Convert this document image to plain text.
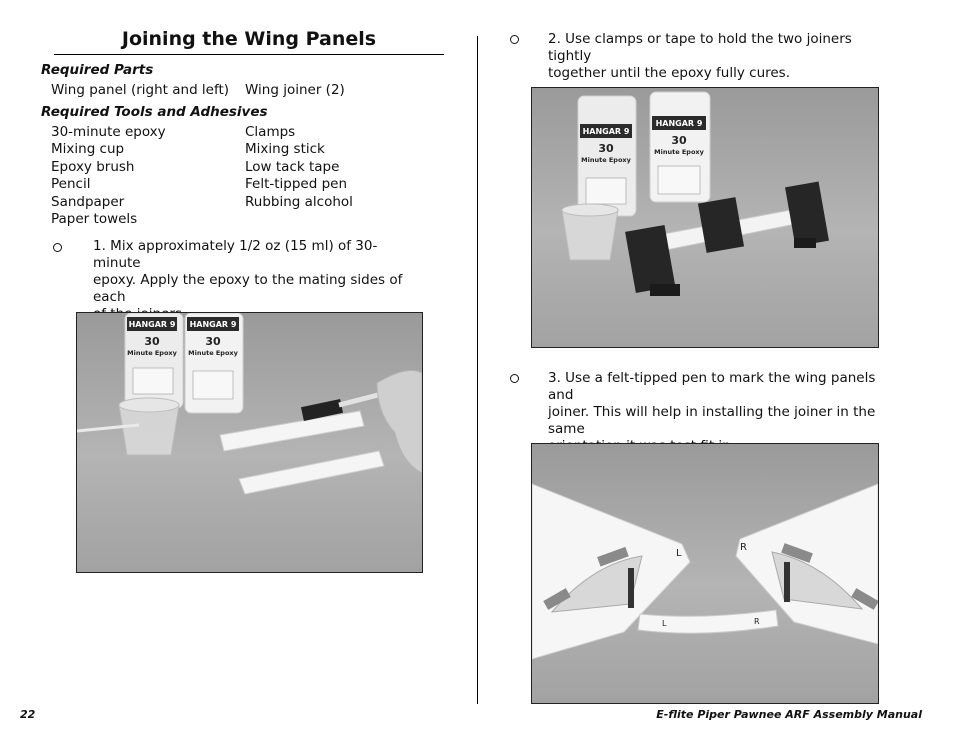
Joining the Wing Panels
Required Parts
Wing panel (right and left) Wing joiner (2)
Required Tools and Adhesives
30-minute epoxy
Mixing cup
Epoxy brush
Pencil
Sandpaper
Paper towels
Clamps
Mixing stick
Low tack tape
Felt-tipped pen
Rubbing alcohol
1. Mix approximately 1/2 oz (15 ml) of 30-minute
epoxy. Apply the epoxy to the mating sides of each
HANGAR 9
30
Minute Epoxy
HANGAR 9
30
Minute Epoxy
22
2. Use clamps or tape to hold the two joiners tightly
together until the epoxy fully cures.
HANGAR 9
30
Minute Epoxy
HANGAR 9
30
Minute Epoxy
3. Use a felt-tipped pen to mark the wing panels and
joiner. This will help in installing the joiner in the same
L
R
L	R
E-flite Piper Pawnee ARF Assembly Manual
